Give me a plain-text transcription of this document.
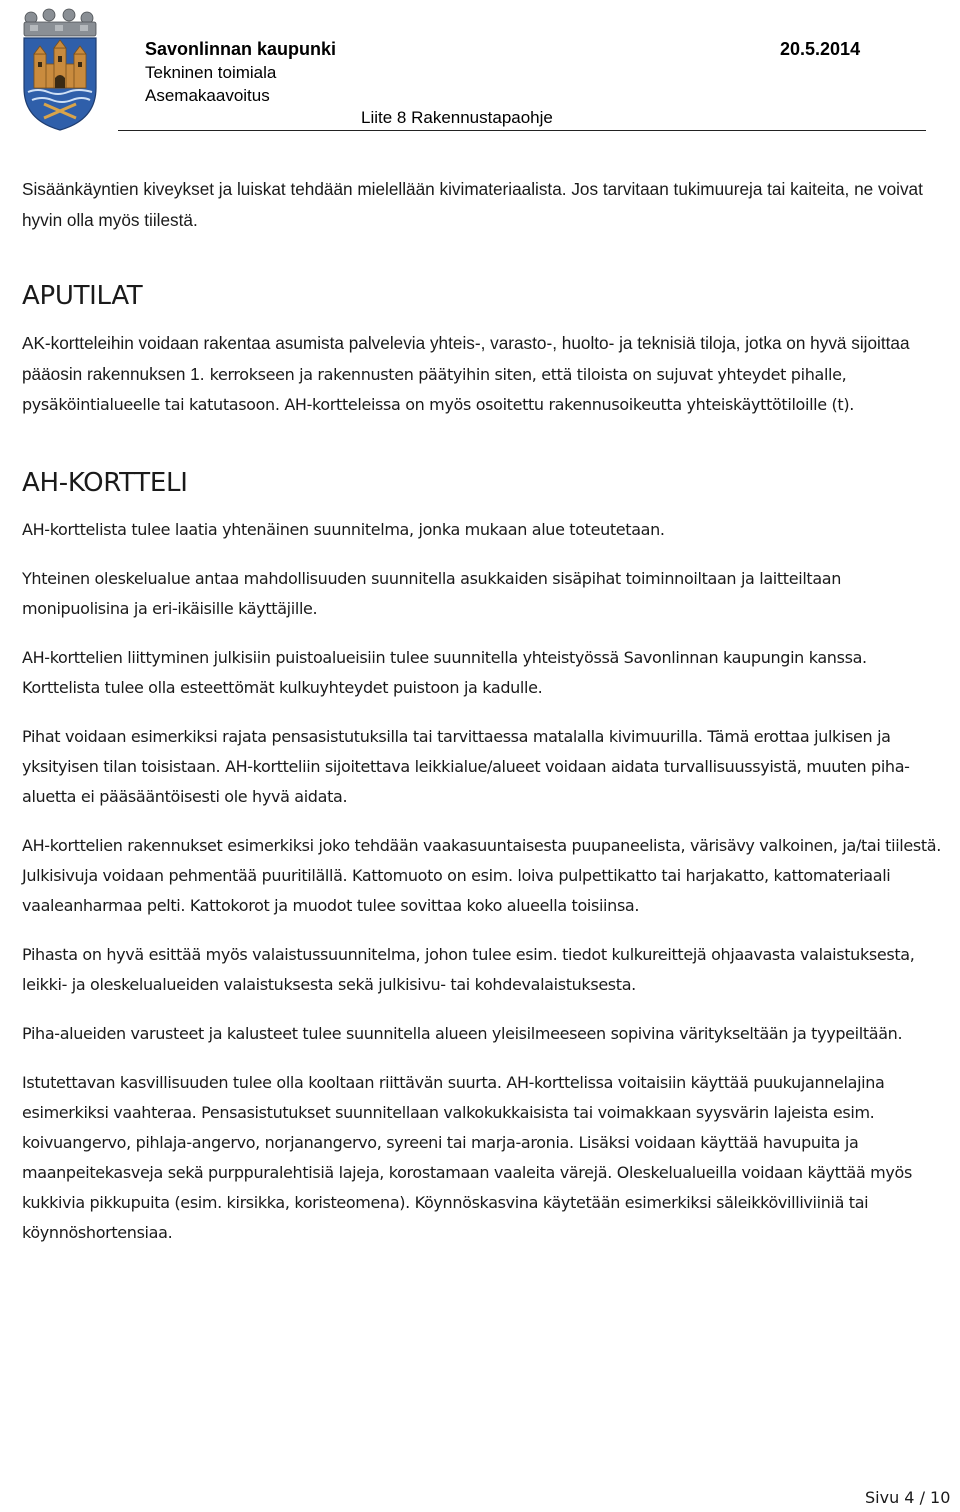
Savonlinnan kaupunki	20.5.2014
Tekninen toimiala
Asemakaavoitus
Liite 8 Rakennustapaohje

Sisäänkäyntien kiveykset ja luiskat tehdään mielellään kivimateriaalista. Jos tarvitaan tukimuureja tai kaiteita, ne voivat hyvin olla myös tiilestä.

APUTILAT
AK-kortteleihin voidaan rakentaa asumista palvelevia yhteis-, varasto-, huolto- ja teknisiä tiloja, jotka on hyvä sijoittaa pääosin rakennuksen 1. kerrokseen ja rakennusten päätyihin siten, että tiloista on sujuvat yhteydet pihalle, pysäköintialueelle tai katutasoon. AH-kortteleissa on myös osoitettu rakennusoikeutta yhteiskäyttötiloille (t).
AH-KORTTELI

AH-korttelista tulee laatia yhtenäinen suunnitelma, jonka mukaan alue toteutetaan.

Yhteinen oleskelualue antaa mahdollisuuden suunnitella asukkaiden sisäpihat toiminnoiltaan ja laitteiltaan monipuolisina ja eri-ikäisille käyttäjille.

AH-korttelien liittyminen julkisiin puistoalueisiin tulee suunnitella yhteistyössä Savonlinnan kaupungin kanssa. Korttelista tulee olla esteettömät kulkuyhteydet puistoon ja kadulle.

Pihat voidaan esimerkiksi rajata pensasistutuksilla tai tarvittaessa matalalla kivimuurilla. Tämä erottaa julkisen ja yksityisen tilan toisistaan. AH-kortteliin sijoitettava leikkialue/alueet voidaan aidata turvallisuussyistä, muuten piha-aluetta ei pääsääntöisesti ole hyvä aidata.

AH-korttelien rakennukset esimerkiksi joko tehdään vaakasuuntaisesta puupaneelista, värisävy valkoinen, ja/tai tiilestä. Julkisivuja voidaan pehmentää puuritilällä. Kattomuoto on esim. loiva pulpettikatto tai harjakatto, kattomateriaali vaaleanharmaa pelti. Kattokorot ja muodot tulee sovittaa koko alueella toisiinsa.

Pihasta on hyvä esittää myös valaistussuunnitelma, johon tulee esim. tiedot kulkureittejä ohjaavasta valaistuksesta, leikki- ja oleskelualueiden valaistuksesta sekä julkisivu- tai kohdevalaistuksesta.

Piha-alueiden varusteet ja kalusteet tulee suunnitella alueen yleisilmeeseen sopivina väritykseltään ja tyypeiltään.

Istutettavan kasvillisuuden tulee olla kooltaan riittävän suurta. AH-korttelissa voitaisiin käyttää puukujannelajina esimerkiksi vaahteraa. Pensasistutukset suunnitellaan valkokukkaisista tai voimakkaan syysvärin lajeista esim. koivuangervo, pihlaja-angervo, norjanangervo, syreeni tai marja-aronia. Lisäksi voidaan käyttää havupuita ja maanpeitekasveja sekä purppuralehtisiä lajeja, korostamaan vaaleita värejä. Oleskelualueilla voidaan käyttää myös kukkivia pikkupuita (esim. kirsikka, koristeomena). Köynnöskasvina käytetään esimerkiksi säleikkövilliviiniä tai köynnöshortensiaa.

Sivu 4 / 10
